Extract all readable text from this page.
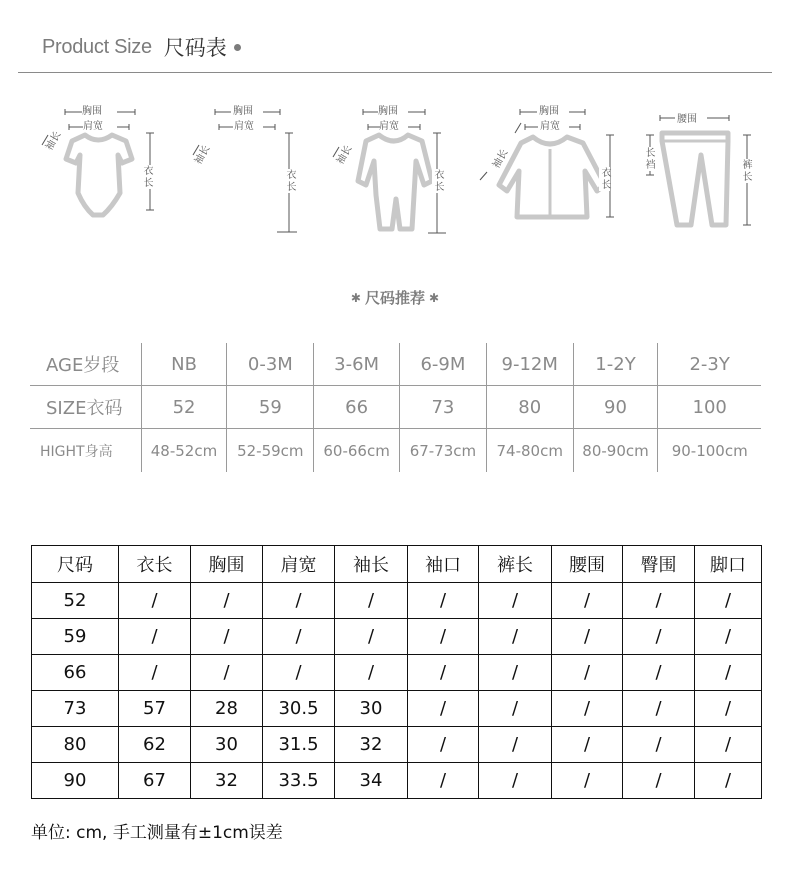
Product Size 尺码表
胸围
肩宽
袖长
衣长
胸围
肩宽
袖长
衣长
胸围
肩宽
袖长
衣长
胸围
肩宽
袖长
衣长
腰围
长裆	裤长
✱ 尺码推荐 ✱
AGE岁段	NB	0-3M	3-6M	6-9M	9-12M	1-2Y	2-3Y
SIZE衣码	52	59	66	73	80	90	100
HIGHT身高	48-52cm	52-59cm	60-66cm	67-73cm	74-80cm	80-90cm	90-100cm
尺码	衣长	胸围	肩宽	袖长	袖口	裤长	腰围	臀围	脚口
52	/	/	/	/	/	/	/	/	/
59	/	/	/	/	/	/	/	/	/
66	/	/	/	/	/	/	/	/	/
73	57	28	30.5	30	/	/	/	/	/
80	62	30	31.5	32	/	/	/	/	/
90	67	32	33.5	34	/	/	/	/	/
单位: cm, 手工测量有±1cm误差
